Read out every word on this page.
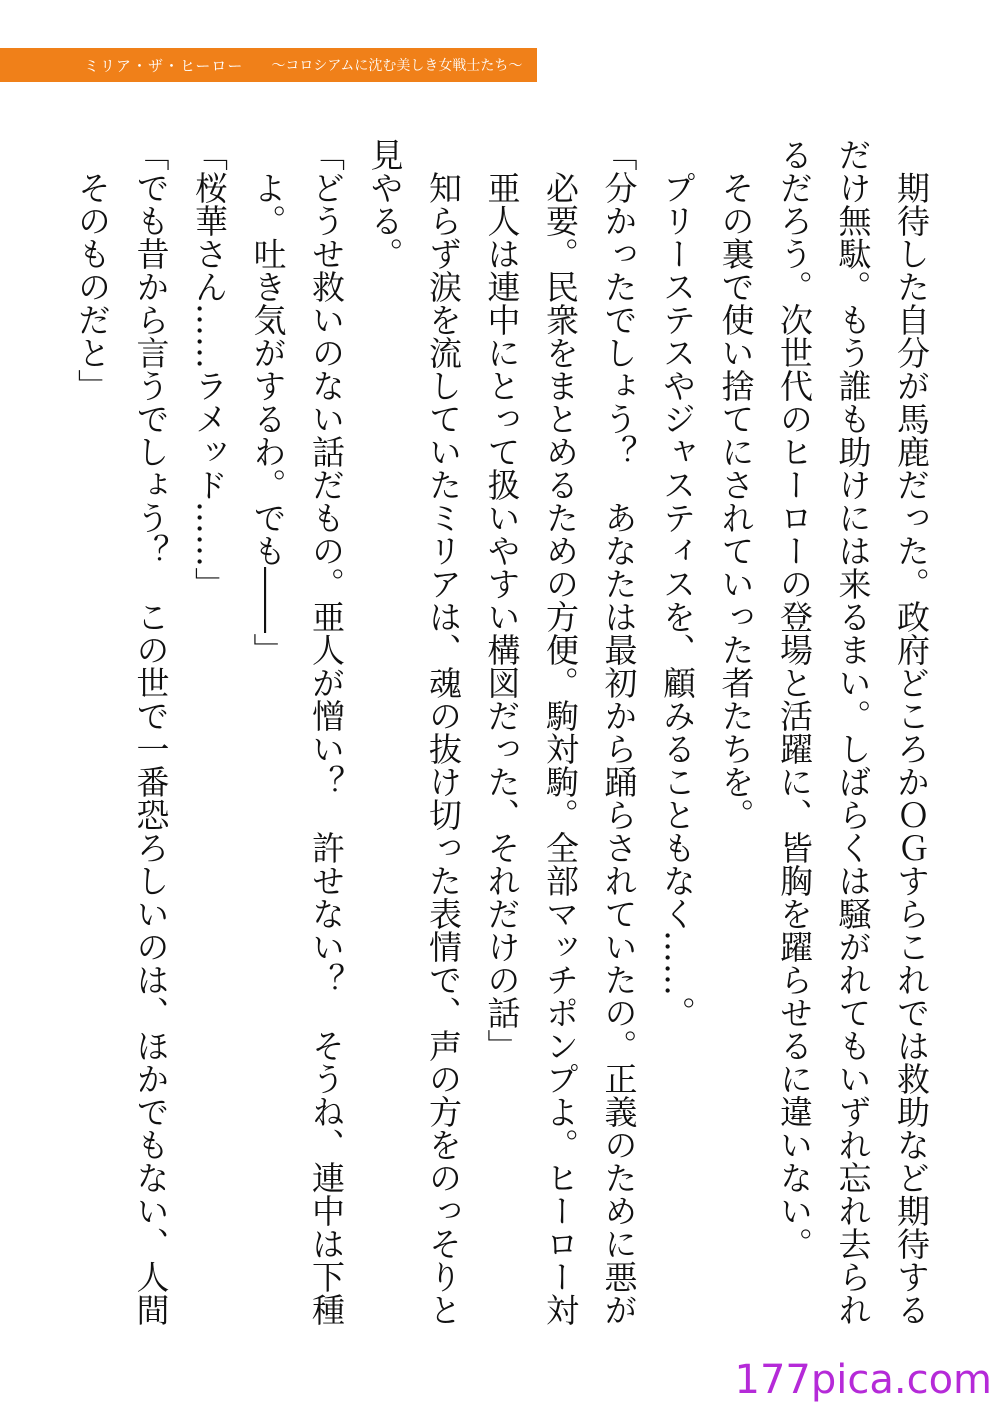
ミリア・ザ・ヒーロー ～コロシアムに沈む美しき女戦士たち～

期待した自分が馬鹿だった。政府どころかＯＧすらこれでは救助など期待するだけ無駄。もう誰も助けには来るまい。しばらくは騒がれてもいずれ忘れ去られるだろう。次世代のヒーローの登場と活躍に、皆胸を躍らせるに違いない。

その裏で使い捨てにされていった者たちを。

プリーステスやジャスティスを、顧みることもなく……。

「分かったでしょう？　あなたは最初から踊らされていたの。正義のために悪が必要。民衆をまとめるための方便。駒対駒。全部マッチポンプよ。ヒーロー対亜人は連中にとって扱いやすい構図だった、それだけの話」

知らず涙を流していたミリアは、魂の抜け切った表情で、声の方をのっそりと見やる。

「どうせ救いのない話だもの。亜人が憎い？　許せない？　そうね、連中は下種よ。吐き気がするわ。でも――」

「桜華さん……ラメッド……」

「でも昔から言うでしょう？　この世で一番恐ろしいのは、ほかでもない、人間そのものだと」

177pica.com
